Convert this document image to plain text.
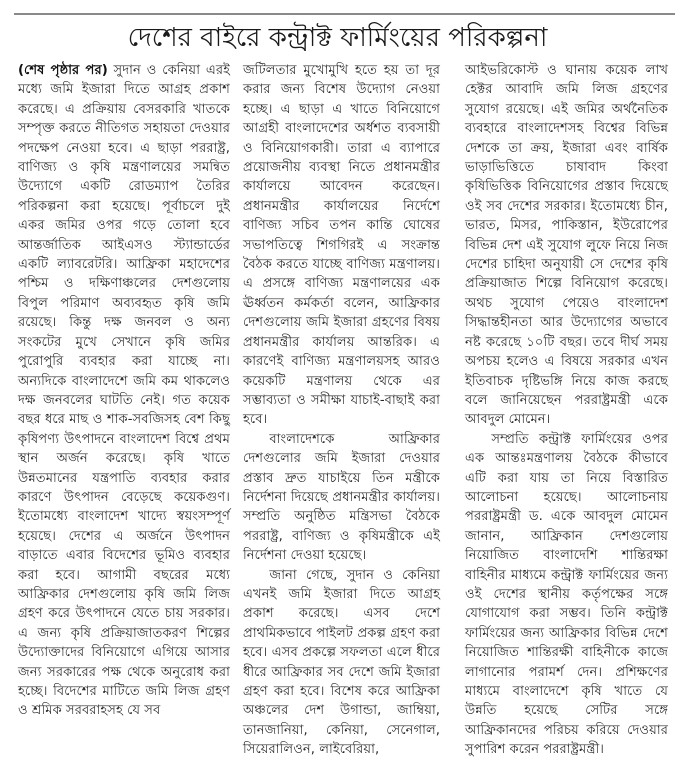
দেশের বাইরে কন্ট্রাক্ট ফার্মিংয়ের পরিকল্পনা

(শেষ পৃষ্ঠার পর) সুদান ও কেনিয়া এরই মধ্যে জমি ইজারা দিতে আগ্রহ প্রকাশ করেছে। এ প্রক্রিয়ায় বেসরকারি খাতকে সম্পৃক্ত করতে নীতিগত সহায়তা দেওয়ার পদক্ষেপ নেওয়া হবে। এ ছাড়া পররাষ্ট্র, বাণিজ্য ও কৃষি মন্ত্রণালয়ের সমন্বিত উদ্যোগে একটি রোডম্যাপ তৈরির পরিকল্পনা করা হয়েছে। পূর্বাচলে দুই একর জমির ওপর গড়ে তোলা হবে আন্তর্জাতিক আইএসও স্ট্যান্ডার্ডের একটি ল্যাবরেটরি। আফ্রিকা মহাদেশের পশ্চিম ও দক্ষিণাঞ্চলের দেশগুলোয় বিপুল পরিমাণ অব্যবহৃত কৃষি জমি রয়েছে। কিন্তু দক্ষ জনবল ও অন্য সংকটের মুখে সেখানে কৃষি জমির পুরোপুরি ব্যবহার করা যাচ্ছে না। অন্যদিকে বাংলাদেশে জমি কম থাকলেও দক্ষ জনবলের ঘাটতি নেই। গত কয়েক বছর ধরে মাছ ও শাক-সবজিসহ বেশ কিছু কৃষিপণ্য উৎপাদনে বাংলাদেশ বিশ্বে প্রথম স্থান অর্জন করেছে। কৃষি খাতে উন্নতমানের যন্ত্রপাতি ব্যবহার করার কারণে উৎপাদন বেড়েছে কয়েকগুণ। ইতোমধ্যে বাংলাদেশ খাদ্যে স্বয়ংসম্পূর্ণ হয়েছে। দেশের এ অর্জনে উৎপাদন বাড়াতে এবার বিদেশের ভূমিও ব্যবহার করা হবে। আগামী বছরের মধ্যে আফ্রিকার দেশগুলোয় কৃষি জমি লিজ গ্রহণ করে উৎপাদনে যেতে চায় সরকার। এ জন্য কৃষি প্রক্রিয়াজাতকরণ শিল্পের উদ্যোক্তাদের বিনিয়োগে এগিয়ে আসার জন্য সরকারের পক্ষ থেকে অনুরোধ করা হচ্ছে। বিদেশের মাটিতে জমি লিজ গ্রহণ ও শ্রমিক সরবরাহসহ যে সব

জটিলতার মুখোমুখি হতে হয় তা দূর করার জন্য বিশেষ উদ্যোগ নেওয়া হচ্ছে। এ ছাড়া এ খাতে বিনিয়োগে আগ্রহী বাংলাদেশের অর্ধশত ব্যবসায়ী ও বিনিয়োগকারী। তারা এ ব্যাপারে প্রয়োজনীয় ব্যবস্থা নিতে প্রধানমন্ত্রীর কার্যালয়ে আবেদন করেছেন। প্রধানমন্ত্রীর কার্যালয়ের নির্দেশে বাণিজ্য সচিব তপন কান্তি ঘোষের সভাপতিত্বে শিগগিরই এ সংক্রান্ত বৈঠক করতে যাচ্ছে বাণিজ্য মন্ত্রণালয়। এ প্রসঙ্গে বাণিজ্য মন্ত্রণালয়ের এক ঊর্ধ্বতন কর্মকর্তা বলেন, আফ্রিকার দেশগুলোয় জমি ইজারা গ্রহণের বিষয় প্রধানমন্ত্রীর কার্যালয় আন্তরিক। এ কারণেই বাণিজ্য মন্ত্রণালয়সহ আরও কয়েকটি মন্ত্রণালয় থেকে এর সম্ভাব্যতা ও সমীক্ষা যাচাই-বাছাই করা হবে।

বাংলাদেশকে আফ্রিকার দেশগুলোর জমি ইজারা দেওয়ার প্রস্তাব দ্রুত যাচাইয়ে তিন মন্ত্রীকে নির্দেশনা দিয়েছে প্রধানমন্ত্রীর কার্যালয়। সম্প্রতি অনুষ্ঠিত মন্ত্রিসভা বৈঠকে পররাষ্ট্র, বাণিজ্য ও কৃষিমন্ত্রীকে এই নির্দেশনা দেওয়া হয়েছে।

জানা গেছে, সুদান ও কেনিয়া এখনই জমি ইজারা দিতে আগ্রহ প্রকাশ করেছে। এসব দেশে প্রাথমিকভাবে পাইলট প্রকল্প গ্রহণ করা হবে। এসব প্রকল্পে সফলতা এলে ধীরে ধীরে আফ্রিকার সব দেশে জমি ইজারা গ্রহণ করা হবে। বিশেষ করে আফ্রিকা অঞ্চলের দেশ উগান্ডা, জাম্বিয়া, তানজানিয়া, কেনিয়া, সেনেগাল, সিয়েরালিওন, লাইবেরিয়া,

আইভরিকোস্ট ও ঘানায় কয়েক লাখ হেক্টর আবাদি জমি লিজ গ্রহণের সুযোগ রয়েছে। এই জমির অর্থনৈতিক ব্যবহারে বাংলাদেশসহ বিশ্বের বিভিন্ন দেশকে তা ক্রয়, ইজারা এবং বার্ষিক ভাড়াভিত্তিতে চাষাবাদ কিংবা কৃষিভিত্তিক বিনিয়োগের প্রস্তাব দিয়েছে ওই সব দেশের সরকার। ইতোমধ্যে চীন, ভারত, মিসর, পাকিস্তান, ইউরোপের বিভিন্ন দেশ এই সুযোগ লুফে নিয়ে নিজ দেশের চাহিদা অনুযায়ী সে দেশের কৃষি প্রক্রিয়াজাত শিল্পে বিনিয়োগ করেছে। অথচ সুযোগ পেয়েও বাংলাদেশ সিদ্ধান্তহীনতা আর উদ্যোগের অভাবে নষ্ট করেছে ১০টি বছর। তবে দীর্ঘ সময় অপচয় হলেও এ বিষয়ে সরকার এখন ইতিবাচক দৃষ্টিভঙ্গি নিয়ে কাজ করছে বলে জানিয়েছেন পররাষ্ট্রমন্ত্রী একে আবদুল মোমেন।

সম্প্রতি কন্ট্রাক্ট ফার্মিংয়ের ওপর এক আন্তঃমন্ত্রণালয় বৈঠকে কীভাবে এটি করা যায় তা নিয়ে বিস্তারিত আলোচনা হয়েছে। আলোচনায় পররাষ্ট্রমন্ত্রী ড. একে আবদুল মোমেন জানান, আফ্রিকান দেশগুলোয় নিয়োজিত বাংলাদেশি শান্তিরক্ষা বাহিনীর মাধ্যমে কন্ট্রাক্ট ফার্মিংয়ের জন্য ওই দেশের স্থানীয় কর্তৃপক্ষের সঙ্গে যোগাযোগ করা সম্ভব। তিনি কন্ট্রাক্ট ফার্মিংয়ের জন্য আফ্রিকার বিভিন্ন দেশে নিয়োজিত শান্তিরক্ষী বাহিনীকে কাজে লাগানোর পরামর্শ দেন। প্রশিক্ষণের মাধ্যমে বাংলাদেশে কৃষি খাতে যে উন্নতি হয়েছে সেটির সঙ্গে আফ্রিকানদের পরিচয় করিয়ে দেওয়ার সুপারিশ করেন পররাষ্ট্রমন্ত্রী।
